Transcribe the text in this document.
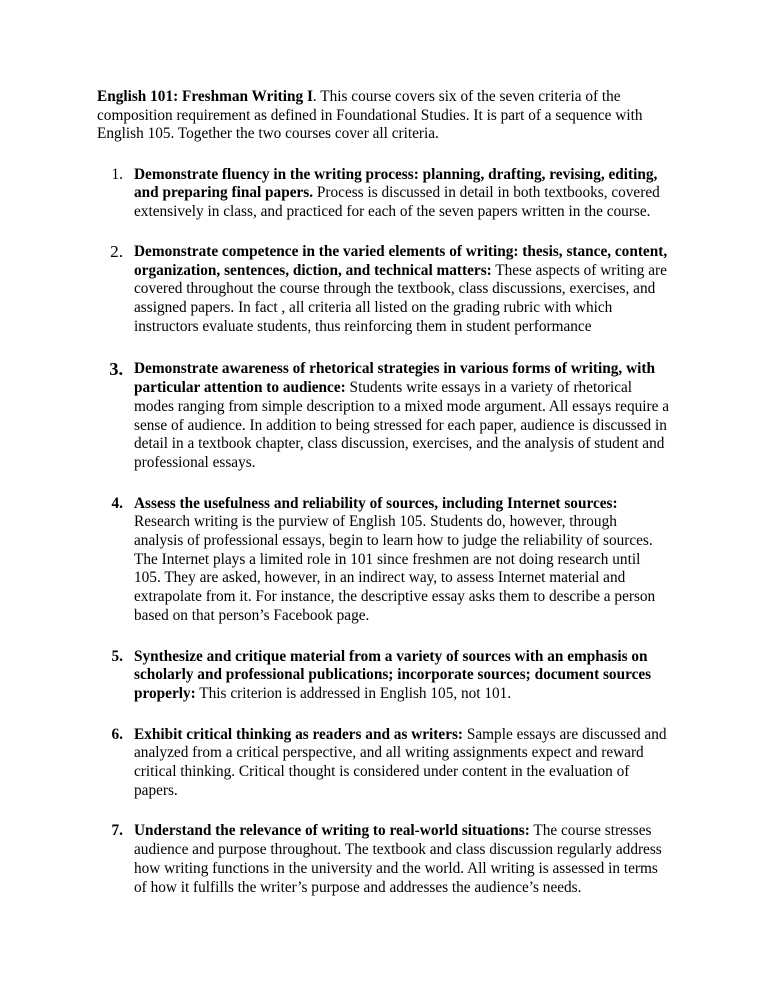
English 101: Freshman Writing I. This course covers six of the seven criteria of the composition requirement as defined in Foundational Studies. It is part of a sequence with English 105. Together the two courses cover all criteria.

1. Demonstrate fluency in the writing process: planning, drafting, revising, editing, and preparing final papers. Process is discussed in detail in both textbooks, covered extensively in class, and practiced for each of the seven papers written in the course.
2. Demonstrate competence in the varied elements of writing: thesis, stance, content, organization, sentences, diction, and technical matters: These aspects of writing are covered throughout the course through the textbook, class discussions, exercises, and assigned papers. In fact , all criteria all listed on the grading rubric with which instructors evaluate students, thus reinforcing them in student performance
3. Demonstrate awareness of rhetorical strategies in various forms of writing, with particular attention to audience: Students write essays in a variety of rhetorical modes ranging from simple description to a mixed mode argument. All essays require a sense of audience. In addition to being stressed for each paper, audience is discussed in detail in a textbook chapter, class discussion, exercises, and the analysis of student and professional essays.
4. Assess the usefulness and reliability of sources, including Internet sources: Research writing is the purview of English 105. Students do, however, through analysis of professional essays, begin to learn how to judge the reliability of sources. The Internet plays a limited role in 101 since freshmen are not doing research until 105. They are asked, however, in an indirect way, to assess Internet material and extrapolate from it. For instance, the descriptive essay asks them to describe a person based on that person’s Facebook page.
5. Synthesize and critique material from a variety of sources with an emphasis on scholarly and professional publications; incorporate sources; document sources properly: This criterion is addressed in English 105, not 101.
6. Exhibit critical thinking as readers and as writers: Sample essays are discussed and analyzed from a critical perspective, and all writing assignments expect and reward critical thinking. Critical thought is considered under content in the evaluation of papers.
7. Understand the relevance of writing to real-world situations: The course stresses audience and purpose throughout. The textbook and class discussion regularly address how writing functions in the university and the world. All writing is assessed in terms of how it fulfills the writer’s purpose and addresses the audience’s needs.
